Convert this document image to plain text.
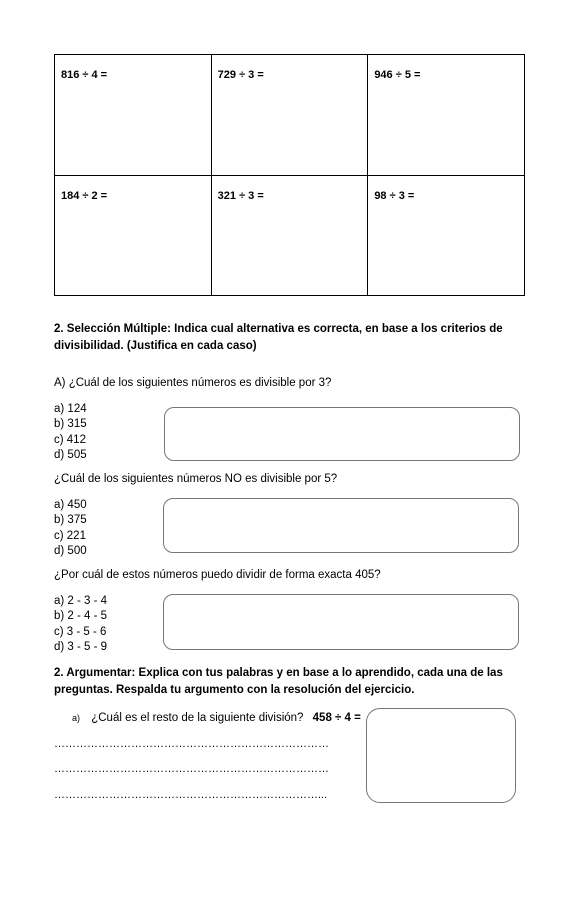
816 ÷ 4 =	729 ÷ 3 =	946 ÷ 5 =
184 ÷ 2 =	321 ÷ 3 =	98 ÷ 3 =
2. Selección Múltiple: Indica cual alternativa es correcta, en base a los criterios de divisibilidad. (Justifica en cada caso)
A) ¿Cuál de los siguientes números es divisible por 3?
a) 124
b) 315
c) 412
d) 505
¿Cuál de los siguientes números NO es divisible por 5?
a) 450
b) 375
c) 221
d) 500
¿Por cuál de estos números puedo dividir de forma exacta 405?
a) 2 - 3 - 4
b) 2 - 4 - 5
c) 3 - 5 - 6
d) 3 - 5 - 9
2. Argumentar: Explica con tus palabras y en base a lo aprendido, cada una de las preguntas. Respalda tu argumento con la resolución del ejercicio.
a) ¿Cuál es el resto de la siguiente división? 458 ÷ 4 =
…………………………………………………………………
…………………………………………………………………
………………………………………………………………...
